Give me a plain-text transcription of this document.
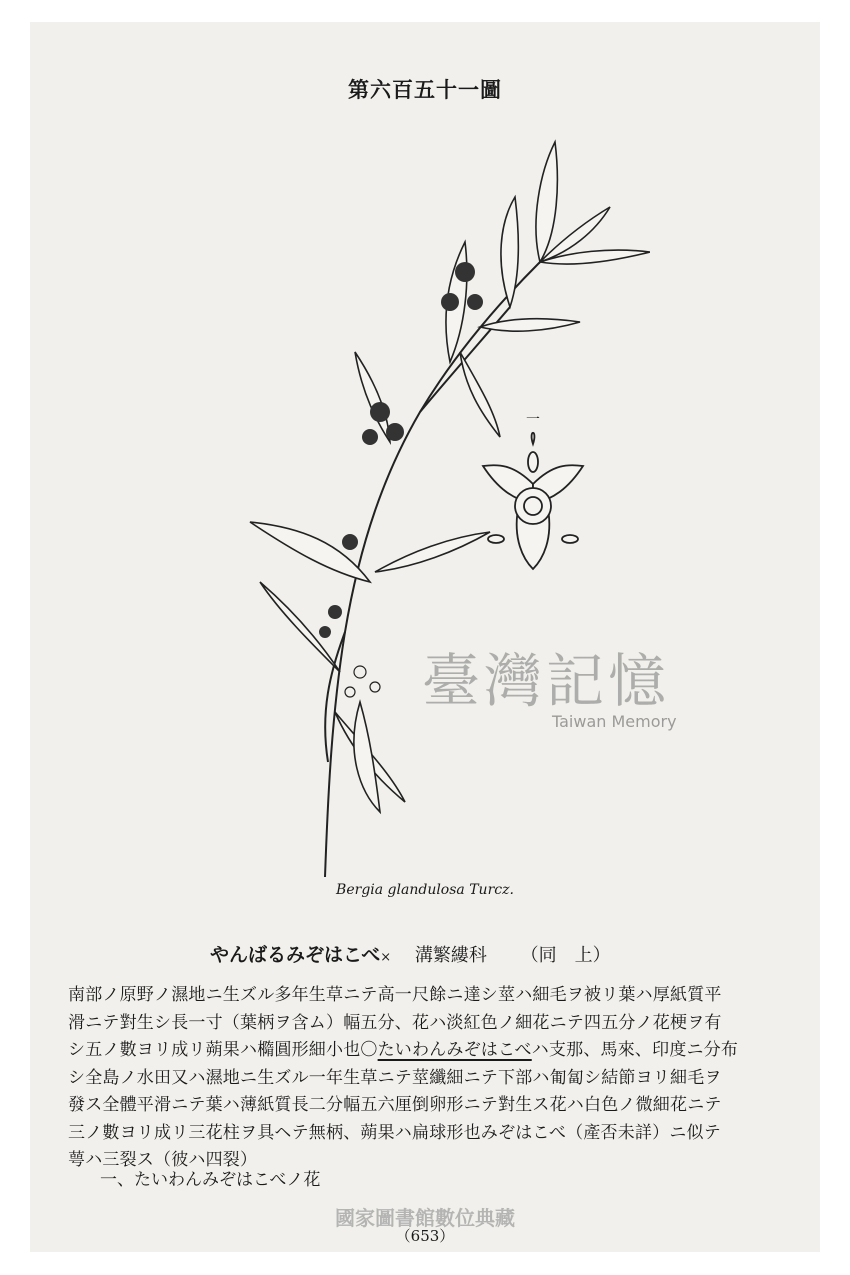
第六百五十一圖
一
臺灣記憶
Taiwan Memory
Bergia glandulosa Turcz.
やんばるみぞはこべ× 溝繁縷科 （同　上）
南部ノ原野ノ濕地ニ生ズル多年生草ニテ高一尺餘ニ達シ莖ハ細毛ヲ被リ葉ハ厚紙質平
滑ニテ對生シ長一寸（葉柄ヲ含ム）幅五分、花ハ淡紅色ノ細花ニテ四五分ノ花梗ヲ有
シ五ノ數ヨリ成リ蒴果ハ橢圓形細小也〇たいわんみぞはこべハ支那、馬來、印度ニ分布
シ全島ノ水田又ハ濕地ニ生ズル一年生草ニテ莖纖細ニテ下部ハ匍匐シ結節ヨリ細毛ヲ
發ス全體平滑ニテ葉ハ薄紙質長二分幅五六厘倒卵形ニテ對生ス花ハ白色ノ微細花ニテ
三ノ數ヨリ成リ三花柱ヲ具ヘテ無柄、蒴果ハ扁球形也みぞはこべ（產否未詳）ニ似テ
萼ハ三裂ス（彼ハ四裂）
一、たいわんみぞはこべノ花
國家圖書館數位典藏
（653）
